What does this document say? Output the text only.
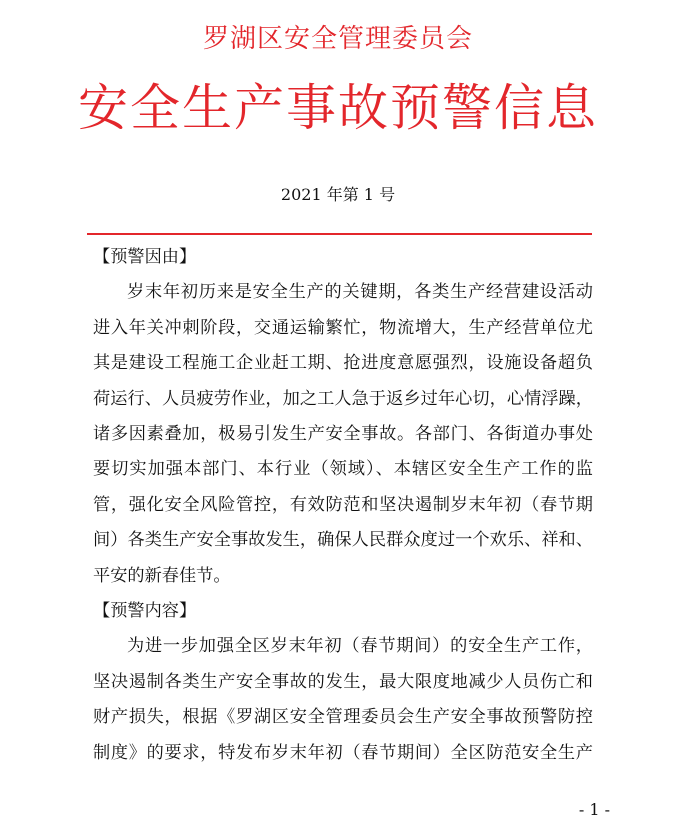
罗湖区安全管理委员会
安全生产事故预警信息
2021 年第 1 号
【预警因由】

岁末年初历来是安全生产的关键期，各类生产经营建设活动

进入年关冲刺阶段，交通运输繁忙，物流增大，生产经营单位尤

其是建设工程施工企业赶工期、抢进度意愿强烈，设施设备超负

荷运行、人员疲劳作业，加之工人急于返乡过年心切，心情浮躁，

诸多因素叠加，极易引发生产安全事故。各部门、各街道办事处

要切实加强本部门、本行业（领域）、本辖区安全生产工作的监

管，强化安全风险管控，有效防范和坚决遏制岁末年初（春节期

间）各类生产安全事故发生，确保人民群众度过一个欢乐、祥和、

平安的新春佳节。

【预警内容】

为进一步加强全区岁末年初（春节期间）的安全生产工作，

坚决遏制各类生产安全事故的发生，最大限度地减少人员伤亡和

财产损失，根据《罗湖区安全管理委员会生产安全事故预警防控

制度》的要求，特发布岁末年初（春节期间）全区防范安全生产

- 1 -
